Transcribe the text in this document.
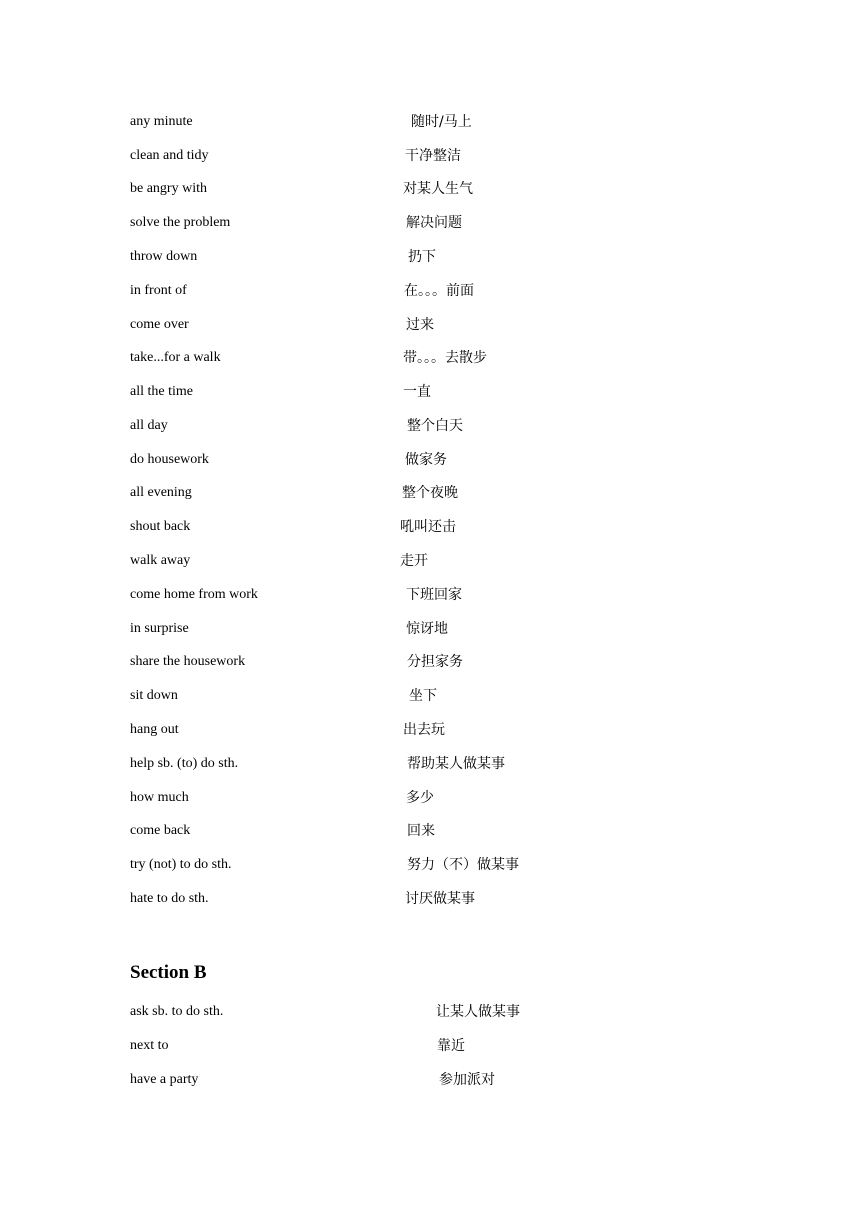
any minute	随时/马上
clean and tidy	干净整洁
be angry with	对某人生气
solve the problem	解决问题
throw down	扔下
in front of	在。。。前面
come over	过来
take...for a walk	带。。。去散步
all the time	一直
all day	整个白天
do housework	做家务
all evening	整个夜晚
shout back	吼叫还击
walk away	走开
come home from work	下班回家
in surprise	惊讶地
share the housework	分担家务
sit down	坐下
hang out	出去玩
help sb. (to) do sth.	帮助某人做某事
how much	多少
come back	回来
try (not) to do sth.	努力（不）做某事
hate to do sth.	讨厌做某事
Section B
ask sb. to do sth.	让某人做某事
next to	靠近
have a party	参加派对
